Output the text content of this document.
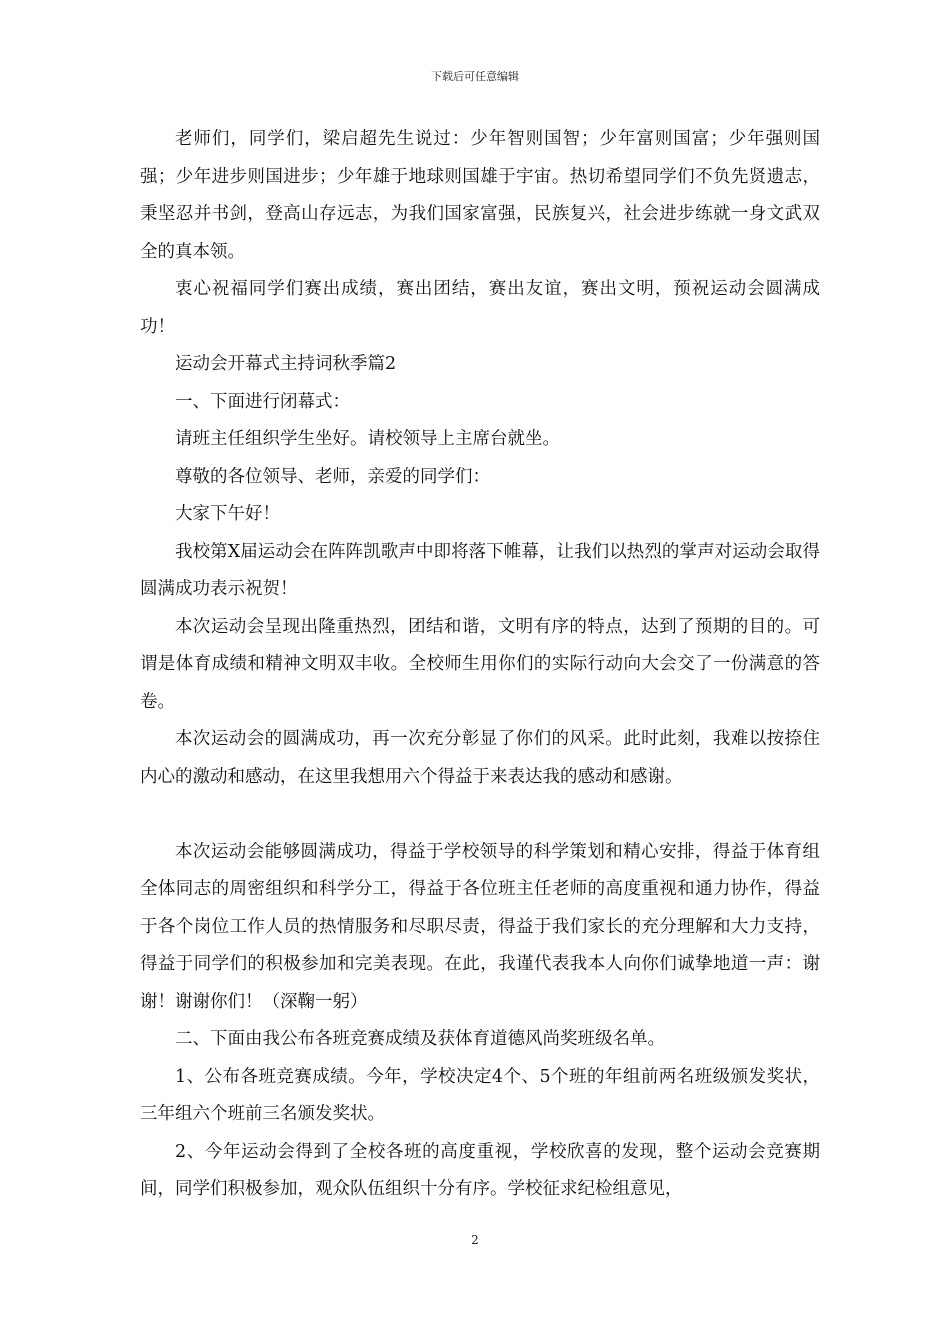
下载后可任意编辑

老师们，同学们，梁启超先生说过：少年智则国智；少年富则国富；少年强则国强；少年进步则国进步；少年雄于地球则国雄于宇宙。热切希望同学们不负先贤遗志，秉坚忍并书剑，登高山存远志，为我们国家富强，民族复兴，社会进步练就一身文武双全的真本领。

衷心祝福同学们赛出成绩，赛出团结，赛出友谊，赛出文明，预祝运动会圆满成功！

运动会开幕式主持词秋季篇2

一、下面进行闭幕式：

请班主任组织学生坐好。请校领导上主席台就坐。

尊敬的各位领导、老师，亲爱的同学们：

大家下午好！

我校第X届运动会在阵阵凯歌声中即将落下帷幕，让我们以热烈的掌声对运动会取得圆满成功表示祝贺！

本次运动会呈现出隆重热烈，团结和谐，文明有序的特点，达到了预期的目的。可谓是体育成绩和精神文明双丰收。全校师生用你们的实际行动向大会交了一份满意的答卷。

本次运动会的圆满成功，再一次充分彰显了你们的风采。此时此刻，我难以按捺住内心的激动和感动，在这里我想用六个得益于来表达我的感动和感谢。

本次运动会能够圆满成功，得益于学校领导的科学策划和精心安排，得益于体育组全体同志的周密组织和科学分工，得益于各位班主任老师的高度重视和通力协作，得益于各个岗位工作人员的热情服务和尽职尽责，得益于我们家长的充分理解和大力支持，得益于同学们的积极参加和完美表现。在此，我谨代表我本人向你们诚挚地道一声：谢谢！谢谢你们！（深鞠一躬）

二、下面由我公布各班竞赛成绩及获体育道德风尚奖班级名单。

1、公布各班竞赛成绩。今年，学校决定4个、5个班的年组前两名班级颁发奖状，三年组六个班前三名颁发奖状。

2、今年运动会得到了全校各班的高度重视，学校欣喜的发现，整个运动会竞赛期间，同学们积极参加，观众队伍组织十分有序。学校征求纪检组意见，

2
